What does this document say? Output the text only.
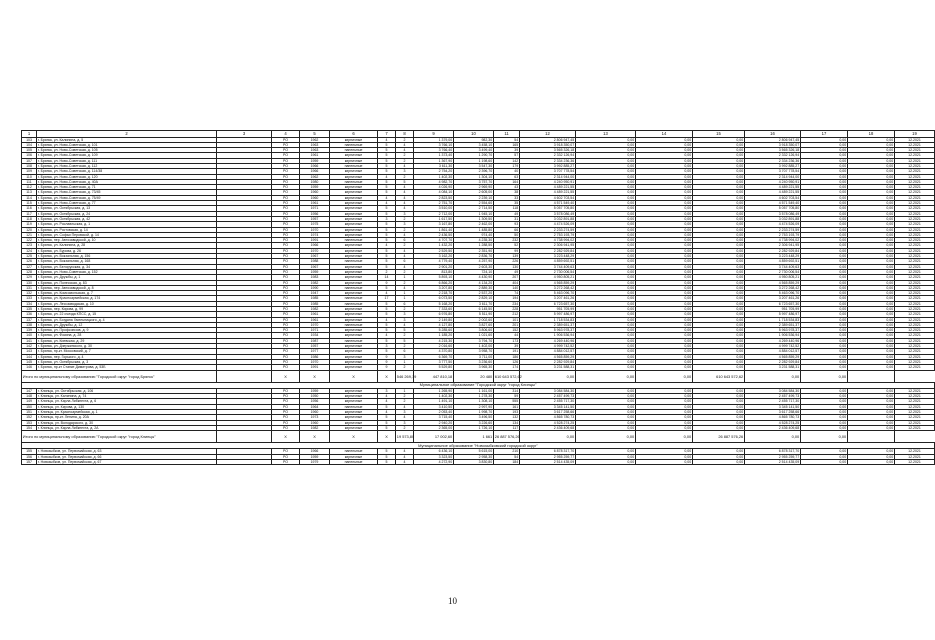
1	2	3	4	5	6	7	8	9	10	11	12	13	14	15	16	17	18	19
103	г. Брянск, ул. Калинина, д. 5		РО	1962	кирпичные	4	2	1 379,00	982,30	54	2 806 947,45	0,00	0,00	0,00	2 806 947,45	0,00	0,00	12.2021
104	г. Брянск, ул. Ново-Советская, д. 101		РО	1963	панельные	5	4	3 766,10	3 458,10	165	3 918 350,07	0,00	0,00	0,00	3 918 350,07	0,00	0,00	12.2021
105	г. Брянск, ул. Ново-Советская, д. 105		РО	1963	панельные	5	4	3 766,40	3 499,40	39	3 565 326,18	0,00	0,00	0,00	3 565 326,18	0,00	0,00	12.2021
106	г. Брянск, ул. Ново-Советская, д. 109		РО	1961	кирпичные	5	2	1 373,40	1 290,70	57	2 332 126,94	0,00	0,00	0,00	2 332 126,94	0,00	0,00	12.2021
107	г. Брянск, ул. Ново-Советская, д. 111		РО	1959	кирпичные	5	2	1 367,90	1 198,60	142	2 334 236,36	0,00	0,00	0,00	2 334 236,36	0,00	0,00	12.2021
108	г. Брянск, ул. Ново-Советская, д. 112		РО	1966	панельные	5	4	3 611,30	3 547,30	179	3 992 885,27	0,00	0,00	0,00	3 992 885,27	0,00	0,00	12.2021
109	г. Брянск, ул. Ново-Советская, д. 114/38		РО	1966	кирпичные	5	3	2 754,20	2 396,70	40	3 707 778,54	0,00	0,00	0,00	3 707 778,54	0,00	0,00	12.2021
110	г. Брянск, ул. Ново-Советская, д. 120		РО	1962	кирпичные	4	2	1 402,30	1 304,10	63	2 314 944,00	0,00	0,00	0,00	2 314 944,00	0,00	0,00	12.2021
111	г. Брянск, ул. Ново-Советская, д. 40А		РО	1980	панельные	5	5	4 982,70	3 757,70	164	4 240 950,91	0,00	0,00	0,00	4 240 950,91	0,00	0,00	12.2021
112	г. Брянск, ул. Ново-Советская, д. 71		РО	1959	кирпичные	5	4	4 026,90	2 969,90	43	4 489 221,55	0,00	0,00	0,00	4 489 221,55	0,00	0,00	12.2021
113	г. Брянск, ул. Ново-Советская, д. 73/45		РО	1960	кирпичные	5	4	4 084,10	2 605,00	38	4 489 221,55	0,00	0,00	0,00	4 489 221,55	0,00	0,00	12.2021
114	г. Брянск, ул. Ново-Советская, д. 75/49		РО	1960	кирпичные	4	4	2 823,50	2 239,10	33	4 602 703,54	0,00	0,00	0,00	4 602 703,54	0,00	0,00	12.2021
115	г. Брянск, ул. Ново-Советская, д. 77		РО	1961	кирпичные	4	4	2 751,70	2 554,60	35	4 571 549,40	0,00	0,00	0,00	4 571 549,40	0,00	0,00	12.2021
116	г. Брянск, ул. Октябрьская, д. 13		РО	1971	кирпичные	5	4	3 510,00	2 714,50	118	5 057 705,80	0,00	0,00	0,00	5 057 705,80	0,00	0,00	12.2021
117	г. Брянск, ул. Октябрьская, д. 24		РО	1956	кирпичные	5	3	2 712,00	1 945,10	49	3 578 086,49	0,00	0,00	0,00	3 578 086,49	0,00	0,00	12.2021
118	г. Брянск, ул. Октябрьская, д. 42		РО	1957	кирпичные	3	2	1 617,50	1 309,50	31	3 032 891,88	0,00	0,00	0,00	3 032 891,88	0,00	0,00	12.2021
119	г. Брянск, ул. Рославльская, д. 1		РО	1975	кирпичные	5	3	3 167,80	2 462,00	93	4 474 526,09	0,00	0,00	0,00	4 474 526,09	0,00	0,00	12.2021
120	г. Брянск, ул. Ростовская, д. 14		РО	1970	кирпичные	5	2	1 861,40	1 485,80	66	2 233 274,59	0,00	0,00	0,00	2 233 274,59	0,00	0,00	12.2021
121	г. Брянск, ул. Софьи Перовской, д. 14		РО	1974	кирпичные	5	4	2 436,50	974,40	50	2 753 193,79	0,00	0,00	0,00	2 753 193,79	0,00	0,00	12.2021
122	г. Брянск, пер. Автозаводской, д. 10		РО	1991	панельные	5	6	4 707,70	4 235,30	232	4 738 994,02	0,00	0,00	0,00	4 738 994,02	0,00	0,00	12.2021
123	г. Брянск, ул. Калинина, д. 28		РО	1966	кирпичные	4	2	1 432,20	1 288,50	52	2 306 941,95	0,00	0,00	0,00	2 306 941,95	0,00	0,00	12.2021
124	г. Брянск, ул. Бурова, д. 26		РО	1970	кирпичные	5	4	2 529,50	2 351,90	99	2 282 929,84	0,00	0,00	0,00	2 282 929,84	0,00	0,00	12.2021
125	г. Брянск, ул. Вокзальная, д. 156		РО	1967	кирпичные	5	4	3 162,20	2 836,70	139	3 223 448,29	0,00	0,00	0,00	3 223 448,29	0,00	0,00	12.2021
126	г. Брянск, ул. Вокзальная, д. 168		РО	1988	панельные	5	6	4 779,40	4 257,90	226	4 859 692,51	0,00	0,00	0,00	4 859 692,51	0,00	0,00	12.2021
127	г. Брянск, ул. Белорусская, д. 34		РО	1967	кирпичные	5	4	2 901,20	2 603,30	130	3 744 409,63	0,00	0,00	0,00	3 744 409,63	0,00	0,00	12.2021
128	г. Брянск, ул. Ново-Советская, д. 152		РО	1959	кирпичные	2	2	813,80	724,10	49	2 730 006,54	0,00	0,00	0,00	2 730 006,54	0,00	0,00	12.2021
129	г. Брянск, ул. Дружбы, д. 1		РО	1983	кирпичные	14	1	5 893,10	4 430,90	207	4 950 805,21	0,00	0,00	0,00	4 950 805,21	0,00	0,00	12.2021
130	г. Брянск, ул. Полесская, д. 83		РО	1982	кирпичные	9	2	6 866,20	4 134,20	404	4 565 859,29	0,00	0,00	0,00	4 565 859,29	0,00	0,00	12.2021
131	г. Брянск, пер. Автозаводской, д. 8		РО	1990	панельные	5	4	3 207,80	2 889,30	140	3 272 268,42	0,00	0,00	0,00	3 272 268,42	0,00	0,00	12.2021
132	г. Брянск, ул. Комсомольская, д. 7		РО	1947	кирпичные	4	1	2 218,70	2 537,20	74	5 463 096,70	0,00	0,00	0,00	5 463 096,70	0,00	0,00	12.2021
133	г. Брянск, ул. Красноармейская, д. 174		РО	1985	панельные	17	1	6 073,50	2 829,10	194	3 207 461,26	0,00	0,00	0,00	3 207 461,26	0,00	0,00	12.2021
134	г. Брянск, ул. Лесозаводская, д. 10		РО	1985	панельные	5	6	5 168,20	3 611,70	234	6 723 657,30	0,00	0,00	0,00	6 723 657,30	0,00	0,00	12.2021
135	г. Брянск, пер. Кирова, д. 99		РО	1982	кирпичные	5	2	7 333,60	6 145,50	228	951 705,99	0,00	0,00	0,00	951 705,99	0,00	0,00	12.2021
136	г. Брянск, ул. 22 съезда КПСС, д. 15		РО	1961	кирпичные	5	3	6 976,80	5 511,90	212	5 997 486,97	0,00	0,00	0,00	5 997 486,97	0,00	0,00	12.2021
137	г. Брянск, ул. Богдана Хмельницкого, д. 4		РО	1961	кирпичные	4	3	2 149,80	2 002,60	101	1 718 534,83	0,00	0,00	0,00	1 718 534,83	0,00	0,00	12.2021
138	г. Брянск, ул. Дружбы, д. 12		РО	1970	панельные	5	4	4 127,80	3 827,60	201	2 389 651,37	0,00	0,00	0,00	2 389 651,37	0,00	0,00	12.2021
139	г. Брянск, ул. Профсоюзов, д. 9		РО	1971	кирпичные	5	5	5 285,60	3 806,60	152	5 963 978,37	0,00	0,00	0,00	5 963 978,37	0,00	0,00	12.2021
140	г. Брянск, ул. Фокина, д. 28		РО	1934	кирпичные	4	2	1 185,20	1 021,60	44	1 906 536,94	0,00	0,00	0,00	1 906 536,94	0,00	0,00	12.2021
141	г. Брянск, ул. Киевская, д. 29		РО	1987	панельные	5	5	4 215,30	3 794,70	173	4 269 440,96	0,00	0,00	0,00	4 269 440,96	0,00	0,00	12.2021
142	г. Брянск, ул. Дзержинского, д. 30		РО	1957	кирпичные	3	2	2 016,60	1 402,00	39	4 999 742,52	0,00	0,00	0,00	4 999 742,52	0,00	0,00	12.2021
143	г. Брянск, пр-кт. Московский, д. 7		РО	1977	кирпичные	5	6	4 370,80	3 958,70	191	4 884 012,57	0,00	0,00	0,00	4 884 012,57	0,00	0,00	12.2021
144	г. Брянск, пер. Горького, д. 4		РО	1986	кирпичные	9	3	6 369,70	3 711,00	186	4 565 859,29	0,00	0,00	0,00	4 565 859,29	0,00	0,00	12.2021
145	г. Брянск, ул. Октябрьская, д. 3		РО	1970	кирпичные	9	1	3 777,50	3 236,60	126	2 282 929,84	0,00	0,00	0,00	2 282 929,84	0,00	0,00	12.2021
146	г. Брянск, пр-кт Станке Димитрова, д. 53Б		РО	1991	кирпичные	9	2	5 529,80	3 965,30	174	3 231 588,31	0,00	0,00	0,00	3 231 588,31	0,00	0,00	12.2021
Итого по муниципальному образованию "Городской округ "город Брянск"			X	X	X	X	546 269,19	447 810,18	20 480	610 643 572,62	0,00	0,00	0,00	610 643 572,62	0,00	0,00		
Муниципальное образование "Городской округ "город Клинцы"																		
147	г. Клинцы, ул. Октябрьская, д. 106		РО	1959	кирпичные	3	1	1 265,90	1 161,00	314	3 084 584,30	0,00	0,00	0,00	3 084 584,30	0,00	0,00	12.2021
148	г. Клинцы, ул. Калинина, д. 74		РО	1950	кирпичные	4	2	1 402,30	1 278,30	59	2 457 499,73	0,00	0,00	0,00	2 457 499,73	0,00	0,00	12.2021
149	г. Клинцы, ул. Карла Либкнехта, д. 6		РО	1956	кирпичные	4	2	1 491,10	1 308,10	555	2 455 717,30	0,00	0,00	0,00	2 455 717,30	0,00	0,00	12.2021
150	г. Клинцы, ул. Кирова, д. 130		РО	1964	панельные	5	4	3 410,50	2 997,90	161	3 345 141,50	0,00	0,00	0,00	3 345 141,50	0,00	0,00	12.2021
151	г. Клинцы, ул. Красноармейская, д. 1		РО	1960	кирпичные	4	3	2 053,40	1 998,70	193	3 617 258,66	0,00	0,00	0,00	3 617 258,66	0,00	0,00	12.2021
152	г. Клинцы, пр-кт. Ленина, д. 20А		РО	1973	кирпичные	5	4	3 715,40	3 496,50	132	4 865 780,73	0,00	0,00	0,00	4 865 780,73	0,00	0,00	12.2021
153	г. Клинцы, ул. Володарского, д. 30		РО	1960	кирпичные	5	3	2 940,20	3 226,60	134	4 528 274,25	0,00	0,00	0,00	4 528 274,25	0,00	0,00	12.2021
154	г. Клинцы, ул. Карла Либкнехта, д. 2А		РО	1982	кирпичные	5	2	2 365,00	1 726,10	117	2 436 409,68	0,00	0,00	0,00	2 436 409,68	0,00	0,00	12.2021
Итого по муниципальному образованию "Городской округ "город Клинцы"			X	X	X	X	19 573,80	17 002,60	1 661	26 887 576,26	0,00	0,00	0,00	26 887 576,26	0,00	0,00		
Муниципальное образование "Новозыбковский городской округ"																		
155	г. Новозыбков, ул. Первомайская, д. 63		РО	1966	панельные	5	4	6 436,10	5 615,00	210	6 878 317,70	0,00	0,00	0,00	6 878 317,70	0,00	0,00	12.2021
156	г. Новозыбков, ул. Первомайская, д. 66		РО	1959	кирпичные	5	4	3 323,50	2 958,30	54	2 955 259,77	0,00	0,00	0,00	2 955 259,77	0,00	0,00	12.2021
157	г. Новозыбков, ул. Первомайская, д. 67		РО	1979	панельные	5	4	4 272,90	3 830,80	184	2 514 435,09	0,00	0,00	0,00	2 514 435,09	0,00	0,00	12.2021
10
